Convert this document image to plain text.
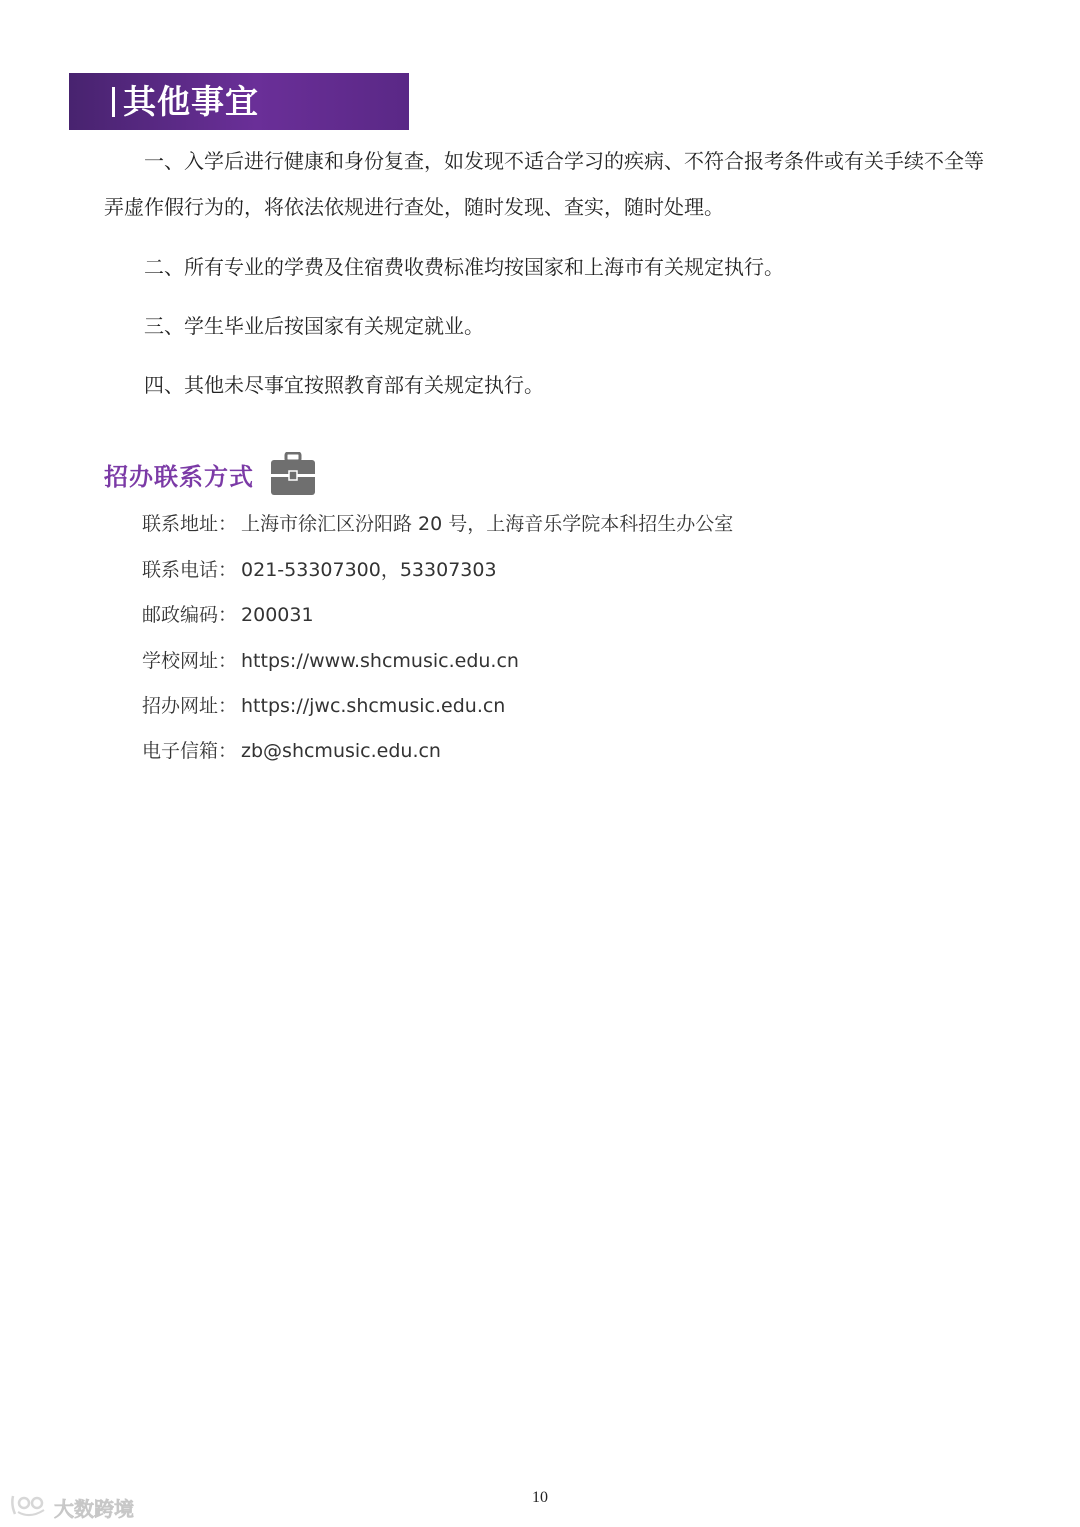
其他事宜

一、入学后进行健康和身份复查，如发现不适合学习的疾病、不符合报考条件或有关手续不全等弄虚作假行为的，将依法依规进行查处，随时发现、查实，随时处理。

二、所有专业的学费及住宿费收费标准均按国家和上海市有关规定执行。

三、学生毕业后按国家有关规定就业。

四、其他未尽事宜按照教育部有关规定执行。

招办联系方式
联系地址： 上海市徐汇区汾阳路 20 号，上海音乐学院本科招生办公室
联系电话： 021-53307300，53307303
邮政编码： 200031
学校网址： https://www.shcmusic.edu.cn
招办网址： https://jwc.shcmusic.edu.cn
电子信箱： zb@shcmusic.edu.cn
10
大数跨境
